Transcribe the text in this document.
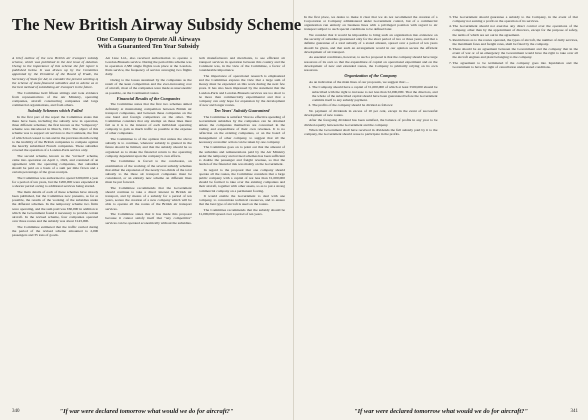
The New British Airway Subsidy Scheme
One Company to Operate All Airways
With a Guaranteed Ten Year Subsidy

A brief outline of the new British air transport subsidy scheme, which was published in the last issue of Aviation. Owing to the importance of this scheme the full report is published below. It was drawn up by the Committee appointed by the President of the Board of Trade, the Secretary of State for Air, to consider the present working of the scheme of state-financed subsidies and to advise as to the best method of subsidizing air transport in the future.

The Committee held fifteen sittings and took evidence from representatives of the Air Ministry, operating companies, aircraft constructing companies and large commercial organizations, and from others.

Subsidy Schemes which Failed

In the first part of the report the Committee states that there have been, including the subsidy now in operation, three different schemes; the first known as the "temporary" scheme was introduced in March, 1921. The object of this scheme was to support air services to the Continent, the first of which had ceased to run and in the previous month owing to the inability of the British companies to compete against the heavily subsidized French companies. These subsidies covered the operation of a London-Paris service only.

The second scheme, known as the "revised" scheme, came into operation on April 1, 1922, and consisted of an agreement with the operating companies, that subsidies should be paid on a basis of a sum per mile flown and a certain percentage of the gross receipts.

The Committee was authorized to spend £200,000 a year for a period of ten years, but the £200,000 were expended in a shorter period owing to additional services being started.

The main details of each of these schemes have already been published, but the Committee now presents, as far as possible, the results of the working of the subsidies under the different schemes. In the temporary scheme two firms were operating, and the sum paid was £60,000 in addition to which the Government found it necessary to provide certain aircraft. In the revised scheme, four companies operated over three routes and the subsidy was about £143,000.

The Committee estimated that the traffic carried during the period of the revised scheme amounted to 2,000 passengers and 35 tons of goods.

Air Line Ltd., also received authorization to operate a London-Brussels service. During the period this scheme was in operation 2,580 single flights took place at the London-Paris service, the frequency of service averaging two flights daily.

Owing to the losses sustained by the companies as the result of the keen competition and the ever-increasing cost of aircraft, most of the companies were made as uneconomic as possible, on the Continental routes.

Financial Results of the Companies

The Committee states that the first two schemes aimed definitely at maintaining competition between British air transport companies, and between these companies on the one hand and foreign competitors on the other. The Committee considers that any attempt on these lines must fail as it is to the interest of each individual operating company to gain as much traffic as possible at the expense of other companies.

The Committee is of the opinion that unless the above subsidy is to continue, whatever subsidy is granted in the future should be limited, and that the subsidy should be so organized as to make the financial return to the operating company dependent upon the company's own efforts.

The Committee is forced to the conclusion, on examination of the working of the several subsidy schemes that either the expansion of the nearly two-thirds of the total subsidy to the three air transport companies must be considered, or an entirely new scheme on different lines must be put forward.

The Committee recommends that the Government should continue to take a direct interest in British air transport, and by means of a subsidy for a period of ten years, secure the creation of a new company which will be able to operate all the routes of the British air transport services.

The Committee states that it has made this proposal because it cannot satisfy itself that "any competitive" services can be operated economically without the subsidies.

both manufacturers and merchants, to see efficient air transport services in operation between this country and the Continent was, in the view of the Committee, a factor of considerable importance.

The importance of operational research is emphasized and the Committee express the view that a large sum of money must be expended on this work during the next few years. It has also been impressed by the statement that the London-Paris and London-Brussels services are too short to be more than commercially experimental and that a company can only hope for expansion by the development of new and longer routes.

Ten Years' Subsidy Guaranteed

The Committee is satisfied "that no effective spending of Government subsidies by the companies can be obtained unless the companies themselves are concerned in the trading and expenditure of their own revenues. It is no reflection on the existing companies, or on the board of management of other company, to suggest that all the necessary economic action can be taken by one company.

The Committee goes on to point out that the amount of the subsidies and remunerations paid by the Air Ministry under the temporary and revised schemes has been sufficient to double the passenger and freight revenue, so that the burden of the financial risk was mainly on the Government.

In regard to the proposal that one company should operate all the routes, the Committee considers that a large public company with a capital of not less than £1,000,000 should be formed to take over the existing companies and their aircraft, together with other assets, so as to put a strong commercial company on a permanent footing.

It would enable the Government to deal with one company, to concentrate technical resources, and to ensure that the best type of aircraft is used on the routes.

The Committee recommends that the subsidy should be £1,000,000 spread over a period of ten years.

340	"If war were declared tomorrow what would we do for aircraft?"

In the first place, we desire to make it clear that we do not recommend the creation of a Corporation or Company administered under Government control, but of a commercial organization run entirely on business lines with a privileged position with regard to air transport subject to such special conditions to be defined later.

We consider that it would be impossible to bring such an organization into existence on the security of subsidies guaranteed only for the short period of two or three years, and that a definite guarantee of a total subsidy of a stated amount, spread over a period of ten years should be given, and that such an arrangement would in our opinion secure the efficient development of air transport.

As essential conditions, however, to such a proposal is that the company should have large resources of its own so that the expenditure of capital on operational experiment and on the development of new and extended routes, the Company is primarily relying on its own resources.

Organization of the Company

As an indication of the main lines of our proposals, we suggest that:—

1. The Company should have a capital of £1,000,000 of which at least £500,000 should be subscribed with the right to increase to not less than £2,000,000. That the directors, and the whole of the subscribed capital should have been guaranteed before the Government commits itself to any subsidy payment.
2. The profits of the company should be divided as follows:

No payment of dividends in excess of 10 per cent, except in the event of successful development of new routes.

After the foregoing dividend has been satisfied, the balance of profits in any year to be divided equally between the Government and the company.

When the Government shall have received in dividends the full subsidy paid by it to the company, the Government should cease to participate in the profits.

3. The Government should guarantee a subsidy to the Company, in the event of that company not earning a profit on the operation of its services.
4. The Government should not exercise any direct control over the operations of the company, other than by the appointment of directors, except for the purpose of safety, the terms of which are set out in the agreement.
5. Restrictions as to the routes operated, the types of aircraft, the number of daily services, the maximum fares and freight rates, shall be fixed by the company.
6. There should be an agreement between the Government and the company that in the event of war or of an emergency the Government would have the right to take over all the aircraft engines and plant belonging to the company.
7. The agreement to be terminated if the company goes into liquidation and the Government to have the right of cancellation under stated conditions.
341
"If war were declared tomorrow what would we do for aircraft?"
